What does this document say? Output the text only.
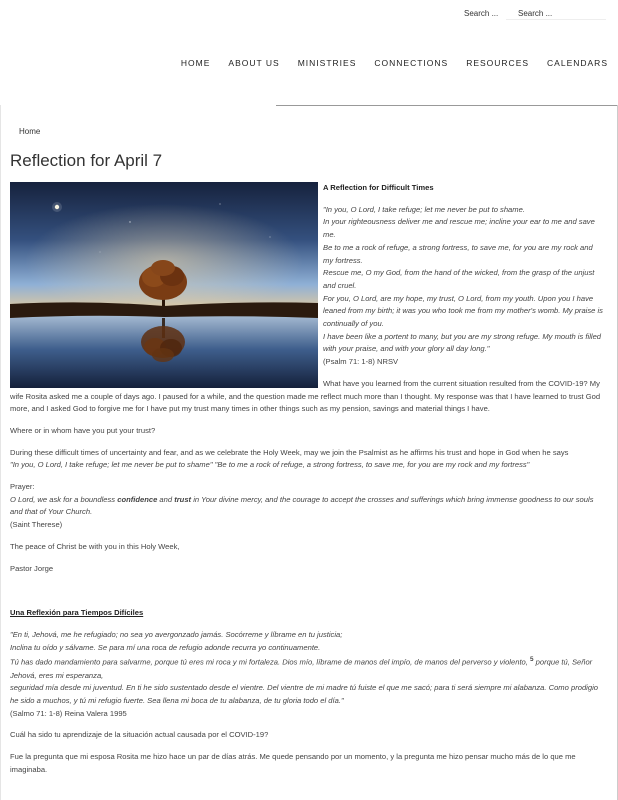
Search ...
Search ...
HOME ABOUT US MINISTRIES CONNECTIONS RESOURCES CALENDARS
Home
Reflection for April 7

A Reflection for Difficult Times

"In you, O Lord, I take refuge; let me never be put to shame.

In your righteousness deliver me and rescue me; incline your ear to me and save me.

Be to me a rock of refuge, a strong fortress, to save me, for you are my rock and my fortress.

Rescue me, O my God, from the hand of the wicked, from the grasp of the unjust and cruel.

For you, O Lord, are my hope, my trust, O Lord, from my youth. Upon you I have leaned from my birth; it was you who took me from my mother's womb. My praise is continually of you.

I have been like a portent to many, but you are my strong refuge. My mouth is filled with your praise, and with your glory all day long."

(Psalm 71: 1-8) NRSV

What have you learned from the current situation resulted from the COVID-19? My wife Rosita asked me a couple of days ago. I paused for a while, and the question made me reflect much more than I thought. My response was that I have learned to trust God more, and I asked God to forgive me for I have put my trust many times in other things such as my pension, savings and material things I have.

Where or in whom have you put your trust?

During these difficult times of uncertainty and fear, and as we celebrate the Holy Week, may we join the Psalmist as he affirms his trust and hope in God when he says

"In you, O Lord, I take refuge; let me never be put to shame" "Be to me a rock of refuge, a strong fortress, to save me, for you are my rock and my fortress"

Prayer:

O Lord, we ask for a boundless confidence and trust in Your divine mercy, and the courage to accept the crosses and sufferings which bring immense goodness to our souls and that of Your Church.

(Saint Therese)

The peace of Christ be with you in this Holy Week,

Pastor Jorge

Una Reflexión para Tiempos Difíciles

"En ti, Jehová, me he refugiado; no sea yo avergonzado jamás. Socórreme y líbrame en tu justicia;

Inclina tu oído y sálvame. Se para mí una roca de refugio adonde recurra yo continuamente.

Tú has dado mandamiento para salvarme, porque tú eres mi roca y mi fortaleza. Dios mío, líbrame de manos del impío, de manos del perverso y violento, $^5$ porque tú, Señor Jehová, eres mi esperanza,

seguridad mía desde mi juventud. En ti he sido sustentado desde el vientre. Del vientre de mi madre tú fuiste el que me sacó; para ti será siempre mi alabanza. Como prodigio he sido a muchos, y tú mi refugio fuerte. Sea llena mi boca de tu alabanza, de tu gloria todo el día."

(Salmo 71: 1-8) Reina Valera 1995

Cuál ha sido tu aprendizaje de la situación actual causada por el COVID-19?

Fue la pregunta que mi esposa Rosita me hizo hace un par de días atrás. Me quede pensando por un momento, y la pregunta me hizo pensar mucho más de lo que me imaginaba.
